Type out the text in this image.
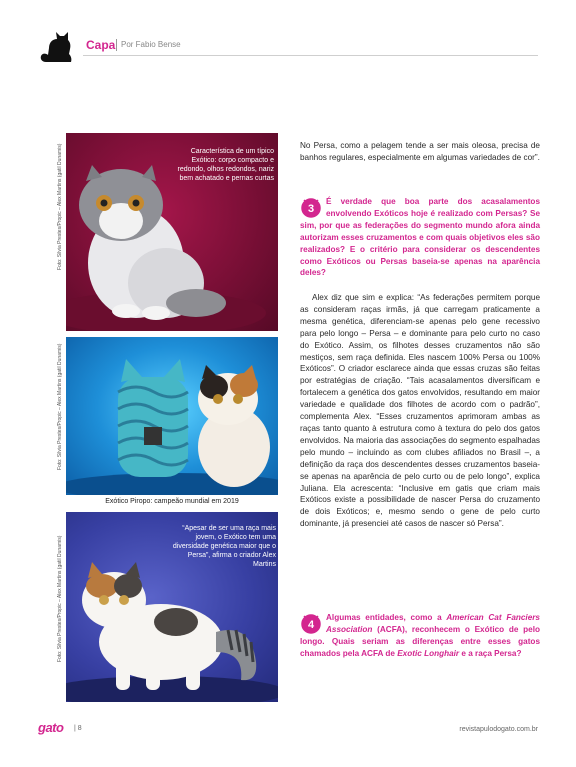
Capa Por Fabio Bense
Foto: Silvia Prestes/Propic – Alex Martins (gatil Dunamis)	Característica de um típico Exótico: corpo compacto e redondo, olhos redondos, nariz bem achatado e pernas curtas
Foto: Silvia Prestes/Propic – Alex Martins (gatil Dunamis)
Exótico Piropo: campeão mundial em 2019
Foto: Silvia Prestes/Propic – Alex Martins (gatil Dunamis)
“Apesar de ser uma raça mais jovem, o Exótico tem uma diversidade genética maior que o Persa”, afirma o criador Alex Martins

No Persa, como a pelagem tende a ser mais oleosa, precisa de banhos regulares, especialmente em algumas variedades de cor”.

3
É verdade que boa parte dos acasalamentos envolvendo Exóticos hoje é realizado com Persas? Se sim, por que as federações do segmento mundo afora ainda autorizam esses cruzamentos e com quais objetivos eles são realizados? E o critério para considerar os descendentes como Exóticos ou Persas baseia-se apenas na aparência deles?

Alex diz que sim e explica: “As federações permitem porque as consideram raças irmãs, já que carregam praticamente a mesma genética, diferenciam-se apenas pelo gene recessivo para pelo longo – Persa – e dominante para pelo curto no caso do Exótico. Assim, os filhotes desses cruzamentos não são mestiços, sem raça definida. Eles nascem 100% Persa ou 100% Exóticos”. O criador esclarece ainda que essas cruzas são feitas por estratégias de criação. “Tais acasalamentos diversificam e fortalecem a genética dos gatos envolvidos, resultando em maior variedade e qualidade dos filhotes de acordo com o padrão”, complementa Alex. “Esses cruzamentos aprimoram ambas as raças tanto quanto à estrutura como à textura do pelo dos gatos envolvidos. Na maioria das associações do segmento espalhadas pelo mundo – incluindo as com clubes afiliados no Brasil –, a definição da raça dos descendentes desses cruzamentos baseia-se apenas na aparência de pelo curto ou de pelo longo”, explica Juliana. Ela acrescenta: “Inclusive em gatis que criam mais Exóticos existe a possibilidade de nascer Persa do cruzamento de dois Exóticos; e, mesmo sendo o gene de pelo curto dominante, já presenciei até casos de nascer só Persa”.

4
Algumas entidades, como a American Cat Fanciers Association (ACFA), reconhecem o Exótico de pelo longo. Quais seriam as diferenças entre esses gatos chamados pela ACFA de Exotic Longhair e a raça Persa?

gato | 8	revistapulodogato.com.br
